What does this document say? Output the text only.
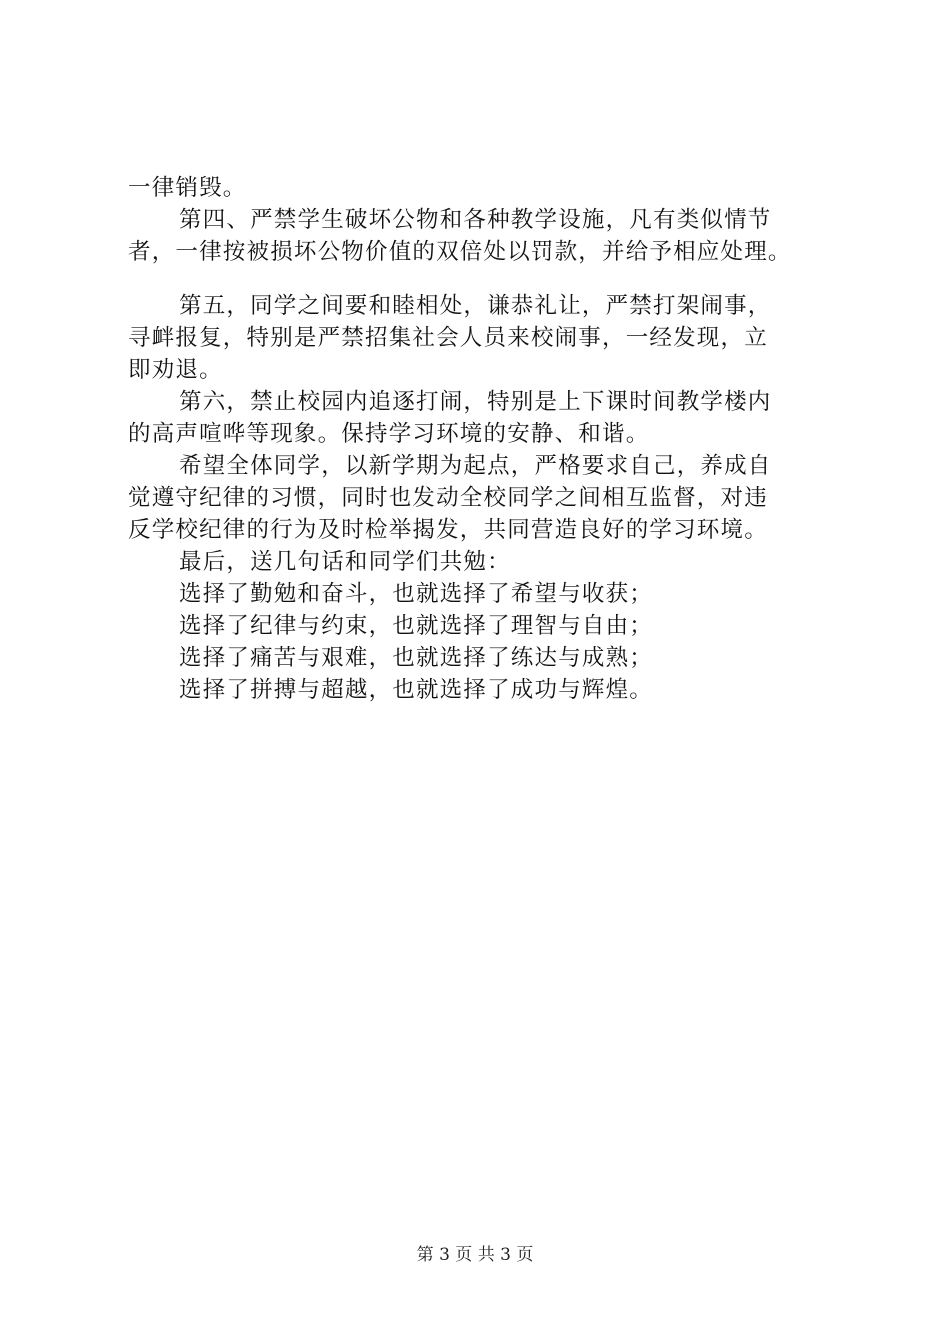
一律销毁。
第四、严禁学生破坏公物和各种教学设施，凡有类似情节
者，一律按被损坏公物价值的双倍处以罚款，并给予相应处理。
第五，同学之间要和睦相处，谦恭礼让，严禁打架闹事，
寻衅报复，特别是严禁招集社会人员来校闹事，一经发现，立
即劝退。
第六，禁止校园内追逐打闹，特别是上下课时间教学楼内
的高声喧哗等现象。保持学习环境的安静、和谐。
希望全体同学，以新学期为起点，严格要求自己，养成自
觉遵守纪律的习惯，同时也发动全校同学之间相互监督，对违
反学校纪律的行为及时检举揭发，共同营造良好的学习环境。
最后，送几句话和同学们共勉：
选择了勤勉和奋斗，也就选择了希望与收获；
选择了纪律与约束，也就选择了理智与自由；
选择了痛苦与艰难，也就选择了练达与成熟；
选择了拼搏与超越，也就选择了成功与辉煌。
第 3 页 共 3 页
